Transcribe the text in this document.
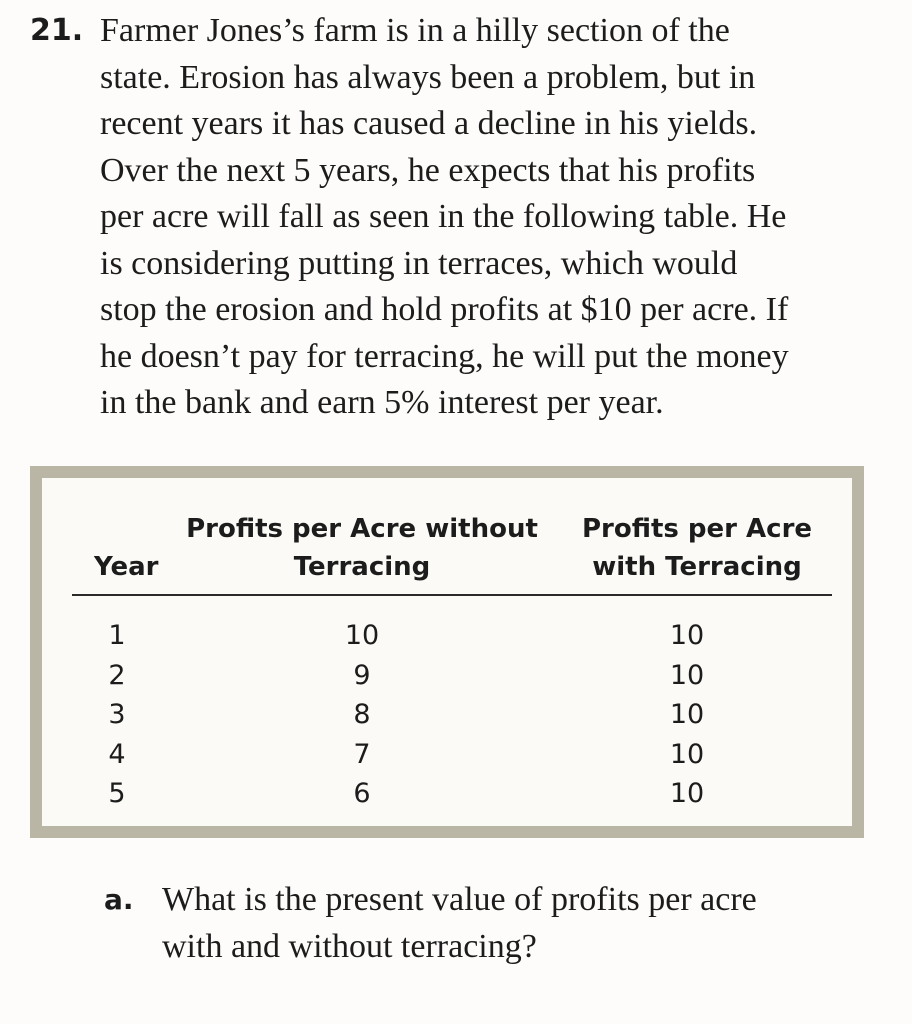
21. Farmer Jones’s farm is in a hilly section of the
state. Erosion has always been a problem, but in
recent years it has caused a decline in his yields.
Over the next 5 years, he expects that his profits
per acre will fall as seen in the following table. He
is considering putting in terraces, which would
stop the erosion and hold profits at $10 per acre. If
he doesn’t pay for terracing, he will put the money
in the bank and earn 5% interest per year.
Year
Profits per Acre without Terracing
Profits per Acre with Terracing
1	10	10
2	9	10
3	8	10
4	7	10
5	6	10
a. What is the present value of profits per acre
with and without terracing?
